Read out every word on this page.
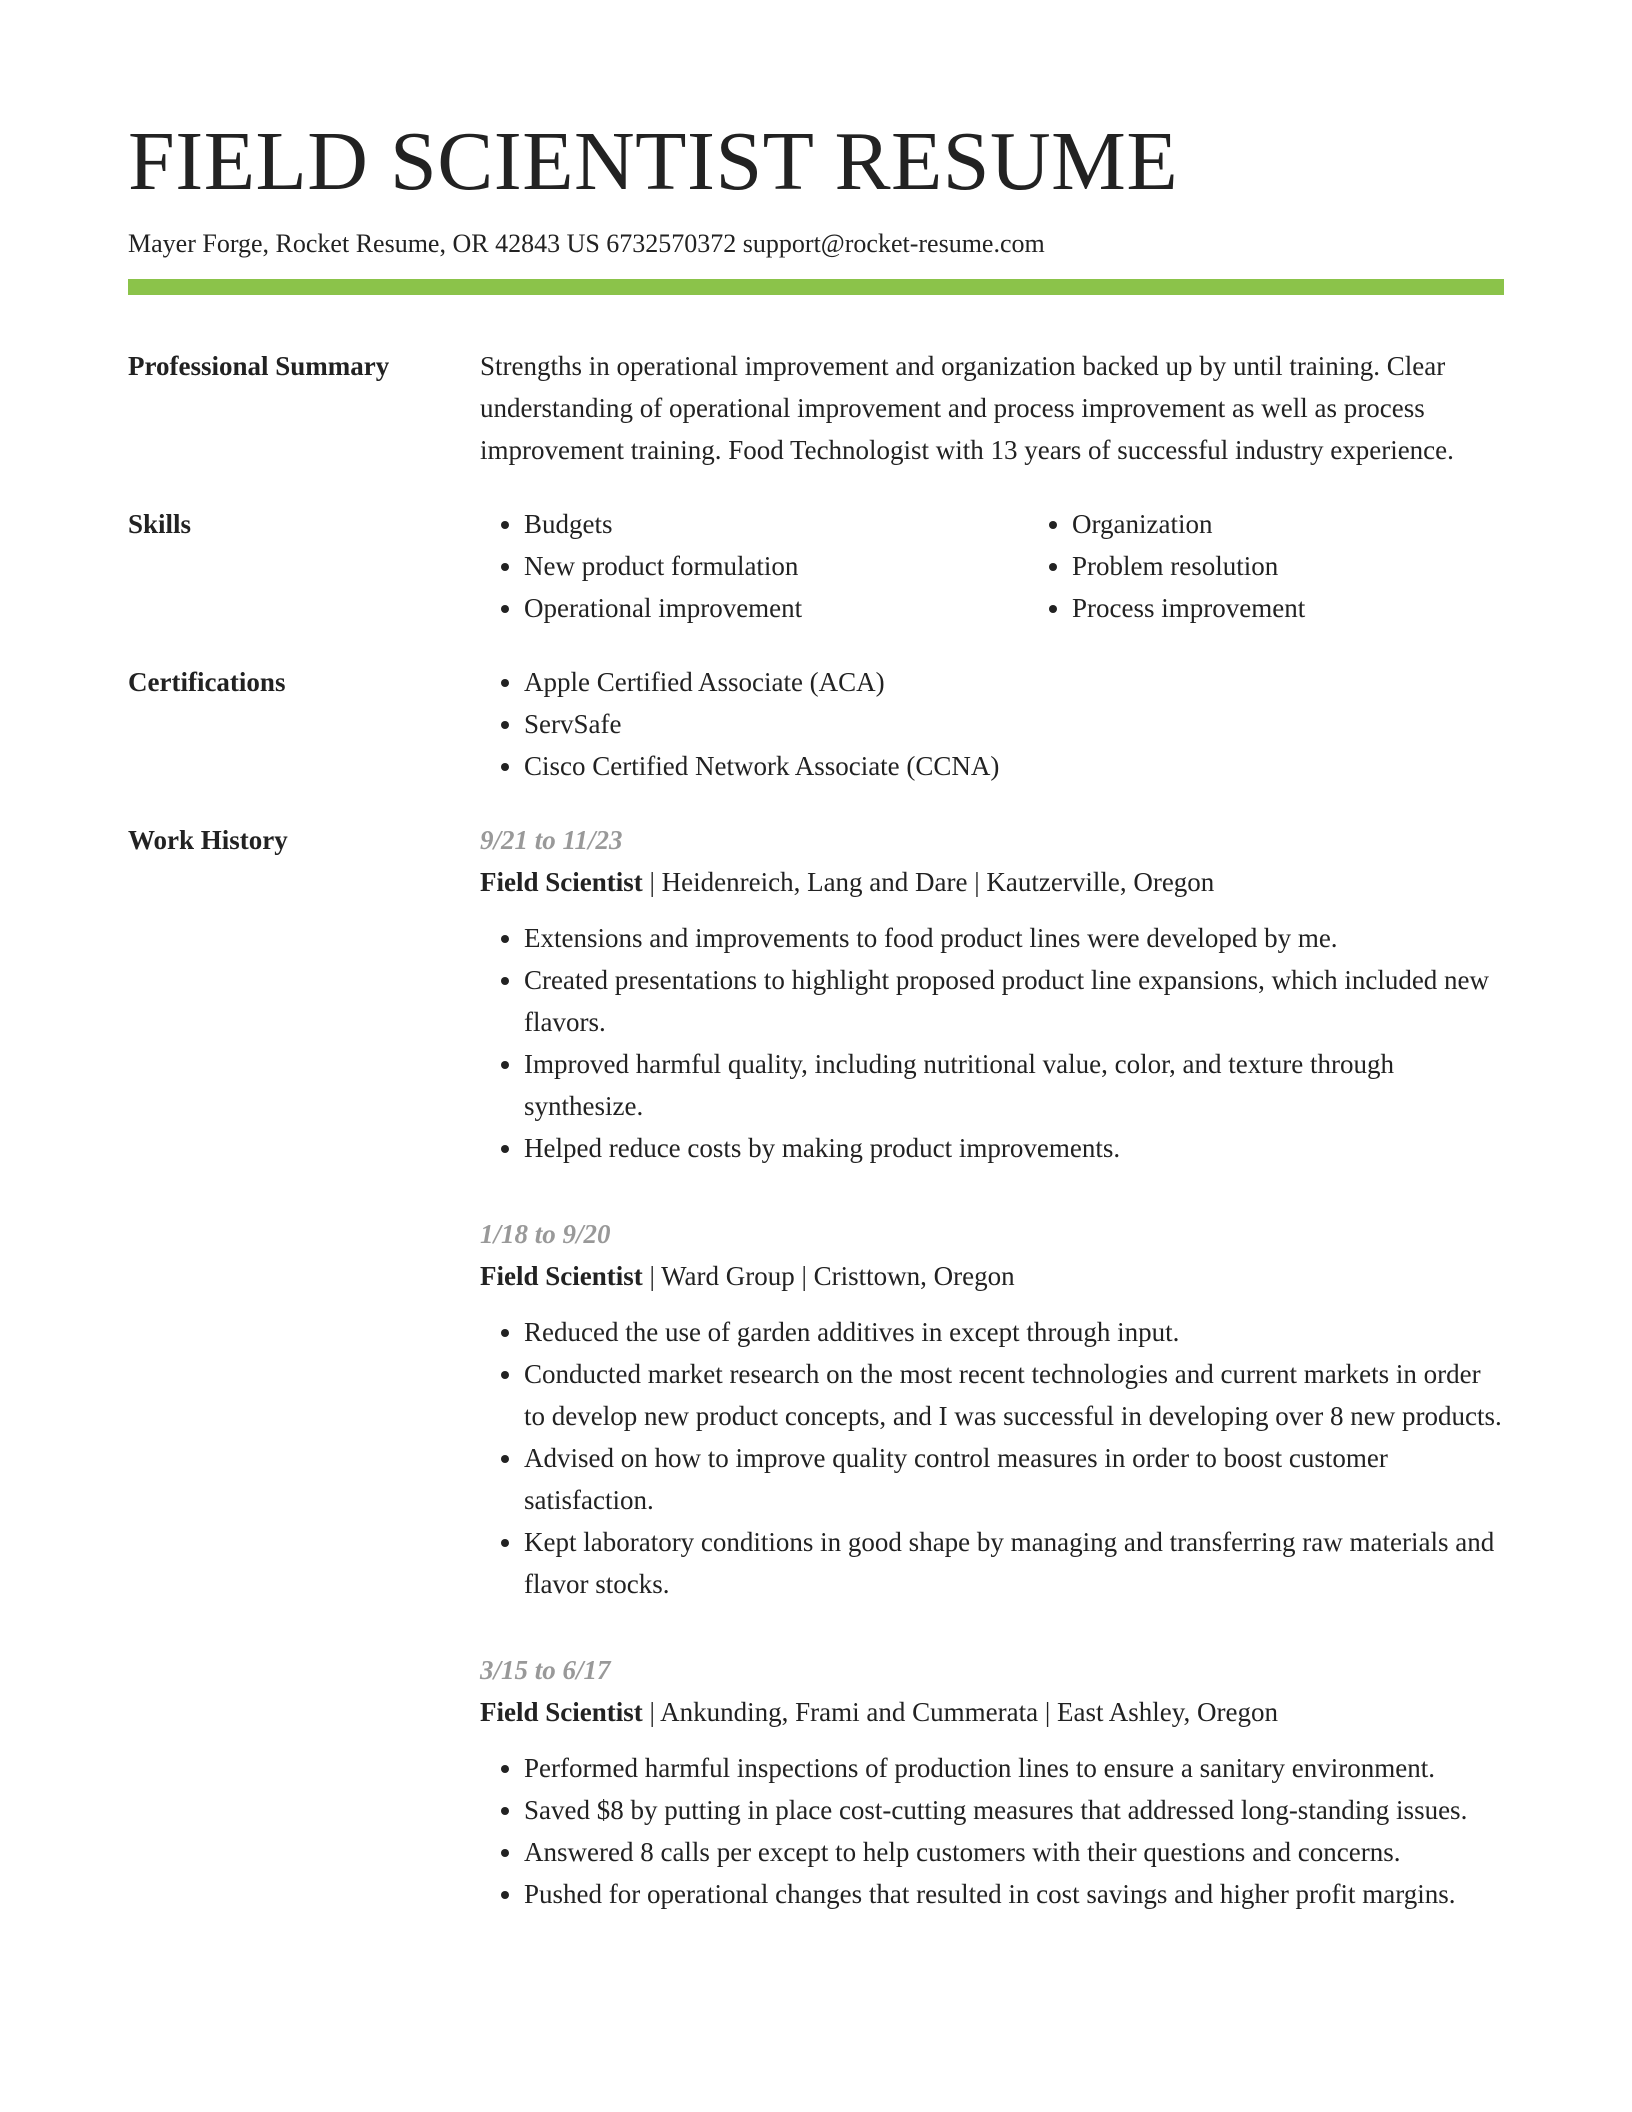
FIELD SCIENTIST RESUME
Mayer Forge, Rocket Resume, OR 42843 US 6732570372 support@rocket-resume.com
Professional Summary	Strengths in operational improvement and organization backed up by until training. Clear understanding of operational improvement and process improvement as well as process improvement training. Food Technologist with 13 years of successful industry experience.
Skills	• Budgets
• New product formulation
• Operational improvement
• Organization
• Problem resolution
• Process improvement
Certifications	• Apple Certified Associate (ACA)
• ServSafe
• Cisco Certified Network Associate (CCNA)
Work History	9/21 to 11/23
Field Scientist | Heidenreich, Lang and Dare | Kautzerville, Oregon
• Extensions and improvements to food product lines were developed by me.
• Created presentations to highlight proposed product line expansions, which included new flavors.
• Improved harmful quality, including nutritional value, color, and texture through synthesize.
• Helped reduce costs by making product improvements.
1/18 to 9/20
Field Scientist | Ward Group | Cristtown, Oregon
• Reduced the use of garden additives in except through input.
• Conducted market research on the most recent technologies and current markets in order to develop new product concepts, and I was successful in developing over 8 new products.
• Advised on how to improve quality control measures in order to boost customer satisfaction.
• Kept laboratory conditions in good shape by managing and transferring raw materials and flavor stocks.
3/15 to 6/17
Field Scientist | Ankunding, Frami and Cummerata | East Ashley, Oregon
• Performed harmful inspections of production lines to ensure a sanitary environment.
• Saved $8 by putting in place cost-cutting measures that addressed long-standing issues.
• Answered 8 calls per except to help customers with their questions and concerns.
• Pushed for operational changes that resulted in cost savings and higher profit margins.
